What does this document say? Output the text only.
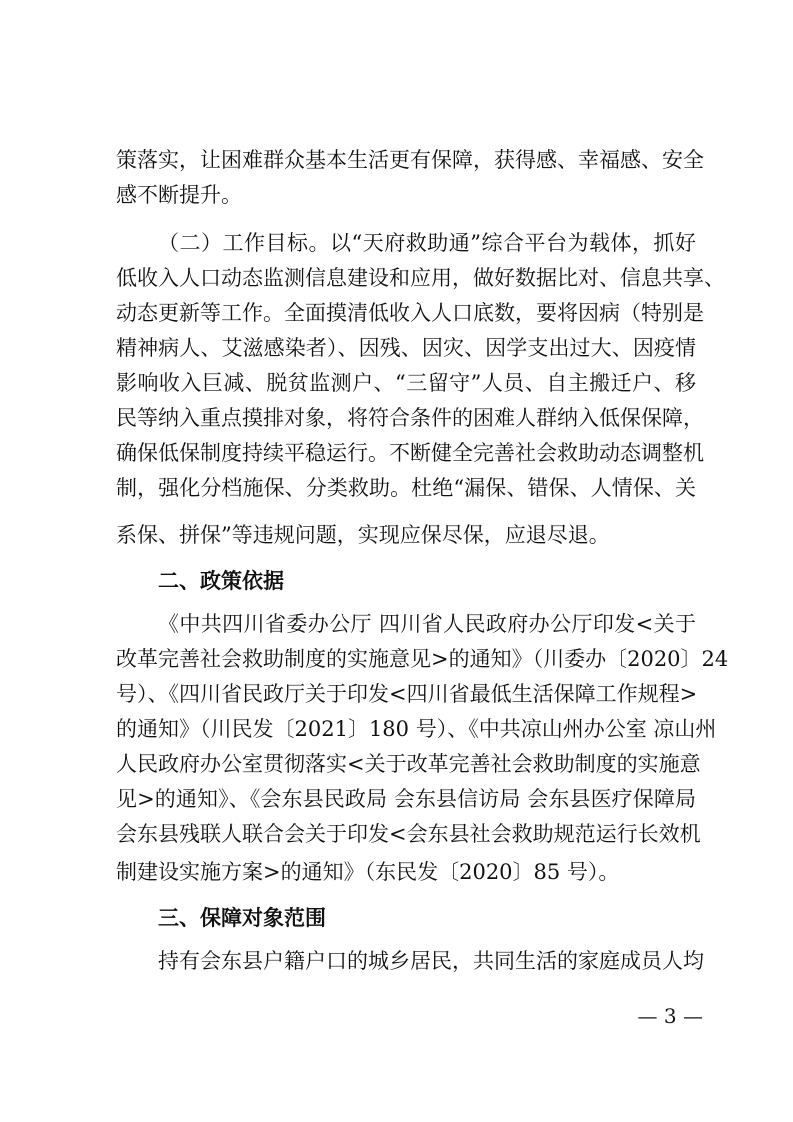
策落实，让困难群众基本生活更有保障，获得感、幸福感、安全
感不断提升。
（二）工作目标。以“天府救助通”综合平台为载体，抓好
低收入人口动态监测信息建设和应用，做好数据比对、信息共享、
动态更新等工作。全面摸清低收入人口底数，要将因病（特别是
精神病人、艾滋感染者）、因残、因灾、因学支出过大、因疫情
影响收入巨减、脱贫监测户、“三留守”人员、自主搬迁户、移
民等纳入重点摸排对象，将符合条件的困难人群纳入低保保障，
确保低保制度持续平稳运行。不断健全完善社会救助动态调整机
制，强化分档施保、分类救助。杜绝“漏保、错保、人情保、关
系保、拼保”等违规问题，实现应保尽保，应退尽退。
二、政策依据
《中共四川省委办公厅 四川省人民政府办公厅印发<关于
改革完善社会救助制度的实施意见>的通知》（川委办〔2020〕24
号）、《四川省民政厅关于印发<四川省最低生活保障工作规程>
的通知》（川民发〔2021〕180 号）、《中共凉山州办公室 凉山州
人民政府办公室贯彻落实<关于改革完善社会救助制度的实施意
见>的通知》、《会东县民政局 会东县信访局 会东县医疗保障局
会东县残联人联合会关于印发<会东县社会救助规范运行长效机
制建设实施方案>的通知》（东民发〔2020〕85 号）。
三、保障对象范围
持有会东县户籍户口的城乡居民，共同生活的家庭成员人均
— 3 —
